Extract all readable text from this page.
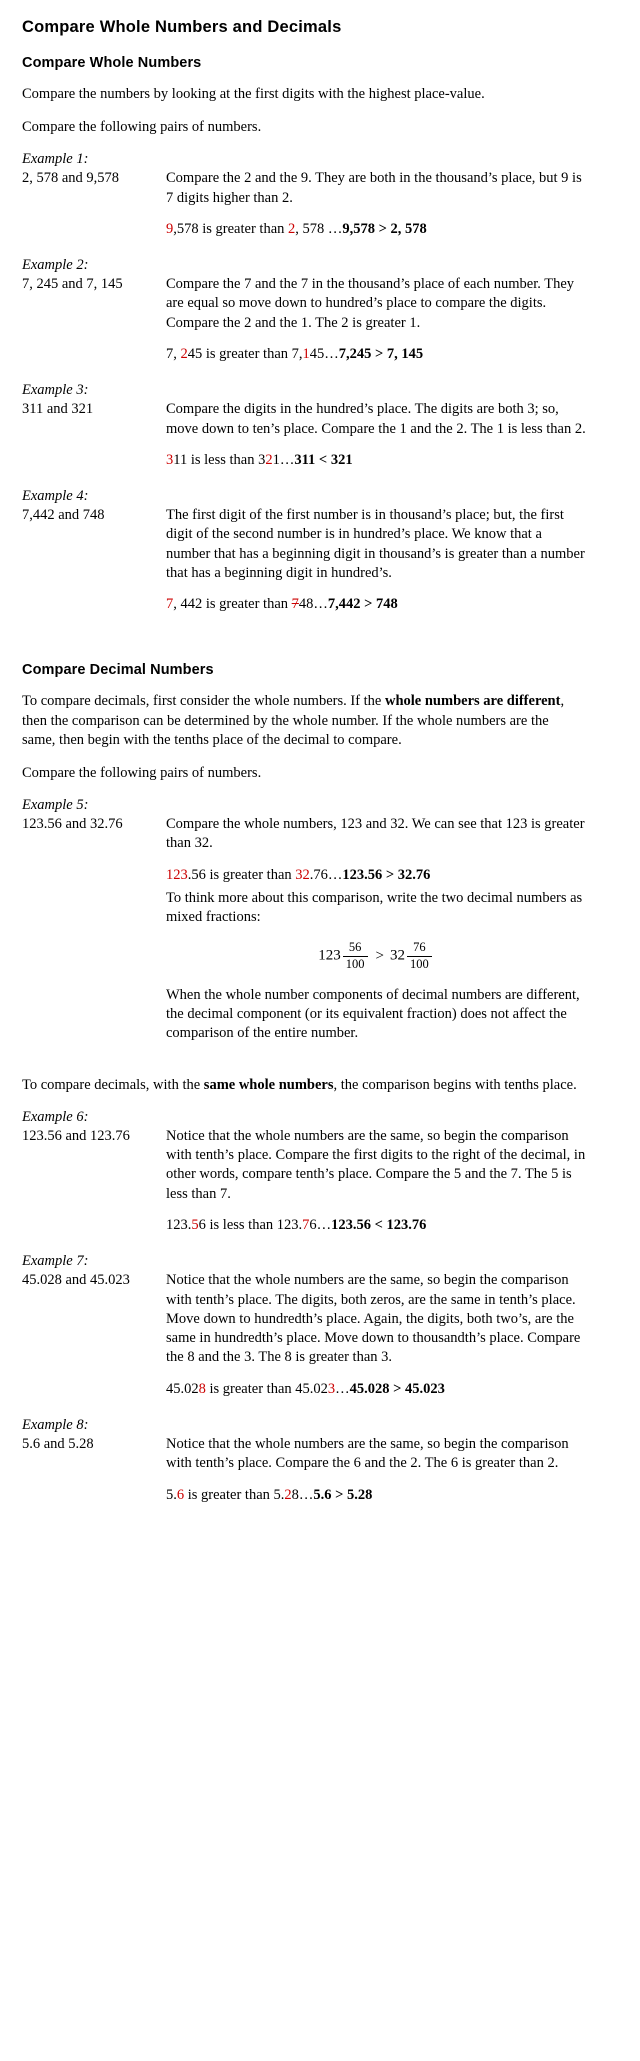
Compare Whole Numbers and Decimals
Compare Whole Numbers

Compare the numbers by looking at the first digits with the highest place-value.

Compare the following pairs of numbers.

Example 1:
2, 578 and 9,578	Compare the 2 and the 9. They are both in the thousand’s place, but 9 is 7 digits higher than 2.
9,578 is greater than 2, 578 …9,578 > 2, 578
Example 2:
7, 245 and 7, 145	Compare the 7 and the 7 in the thousand’s place of each number. They are equal so move down to hundred’s place to compare the digits. Compare the 2 and the 1. The 2 is greater 1.
7, 245 is greater than 7,145…7,245 > 7, 145
Example 3:
311 and 321	Compare the digits in the hundred’s place. The digits are both 3; so, move down to ten’s place. Compare the 1 and the 2. The 1 is less than 2.
311 is less than 321…311 < 321
Example 4:
7,442 and 748	The first digit of the first number is in thousand’s place; but, the first digit of the second number is in hundred’s place. We know that a number that has a beginning digit in thousand’s is greater than a number that has a beginning digit in hundred’s.
7, 442 is greater than 748…7,442 > 748
Compare Decimal Numbers

To compare decimals, first consider the whole numbers. If the whole numbers are different, then the comparison can be determined by the whole number. If the whole numbers are the same, then begin with the tenths place of the decimal to compare.

Compare the following pairs of numbers.

Example 5:
123.56 and 32.76	Compare the whole numbers, 123 and 32. We can see that 123 is greater than 32.
123.56 is greater than 32.76…123.56 > 32.76
To think more about this comparison, write the two decimal numbers as mixed fractions:
$123 \frac{56}{100} > 32 \frac{76}{100}$
When the whole number components of decimal numbers are different, the decimal component (or its equivalent fraction) does not affect the comparison of the entire number.

To compare decimals, with the same whole numbers, the comparison begins with tenths place.

Example 6:
123.56 and 123.76	Notice that the whole numbers are the same, so begin the comparison with tenth’s place. Compare the first digits to the right of the decimal, in other words, compare tenth’s place. Compare the 5 and the 7. The 5 is less than 7.
123.56 is less than 123.76…123.56 < 123.76
Example 7:
45.028 and 45.023	Notice that the whole numbers are the same, so begin the comparison with tenth’s place. The digits, both zeros, are the same in tenth’s place. Move down to hundredth’s place. Again, the digits, both two’s, are the same in hundredth’s place. Move down to thousandth’s place. Compare the 8 and the 3. The 8 is greater than 3.
45.028 is greater than 45.023…45.028 > 45.023
Example 8:
5.6 and 5.28	Notice that the whole numbers are the same, so begin the comparison with tenth’s place. Compare the 6 and the 2. The 6 is greater than 2.
5.6 is greater than 5.28…5.6 > 5.28
